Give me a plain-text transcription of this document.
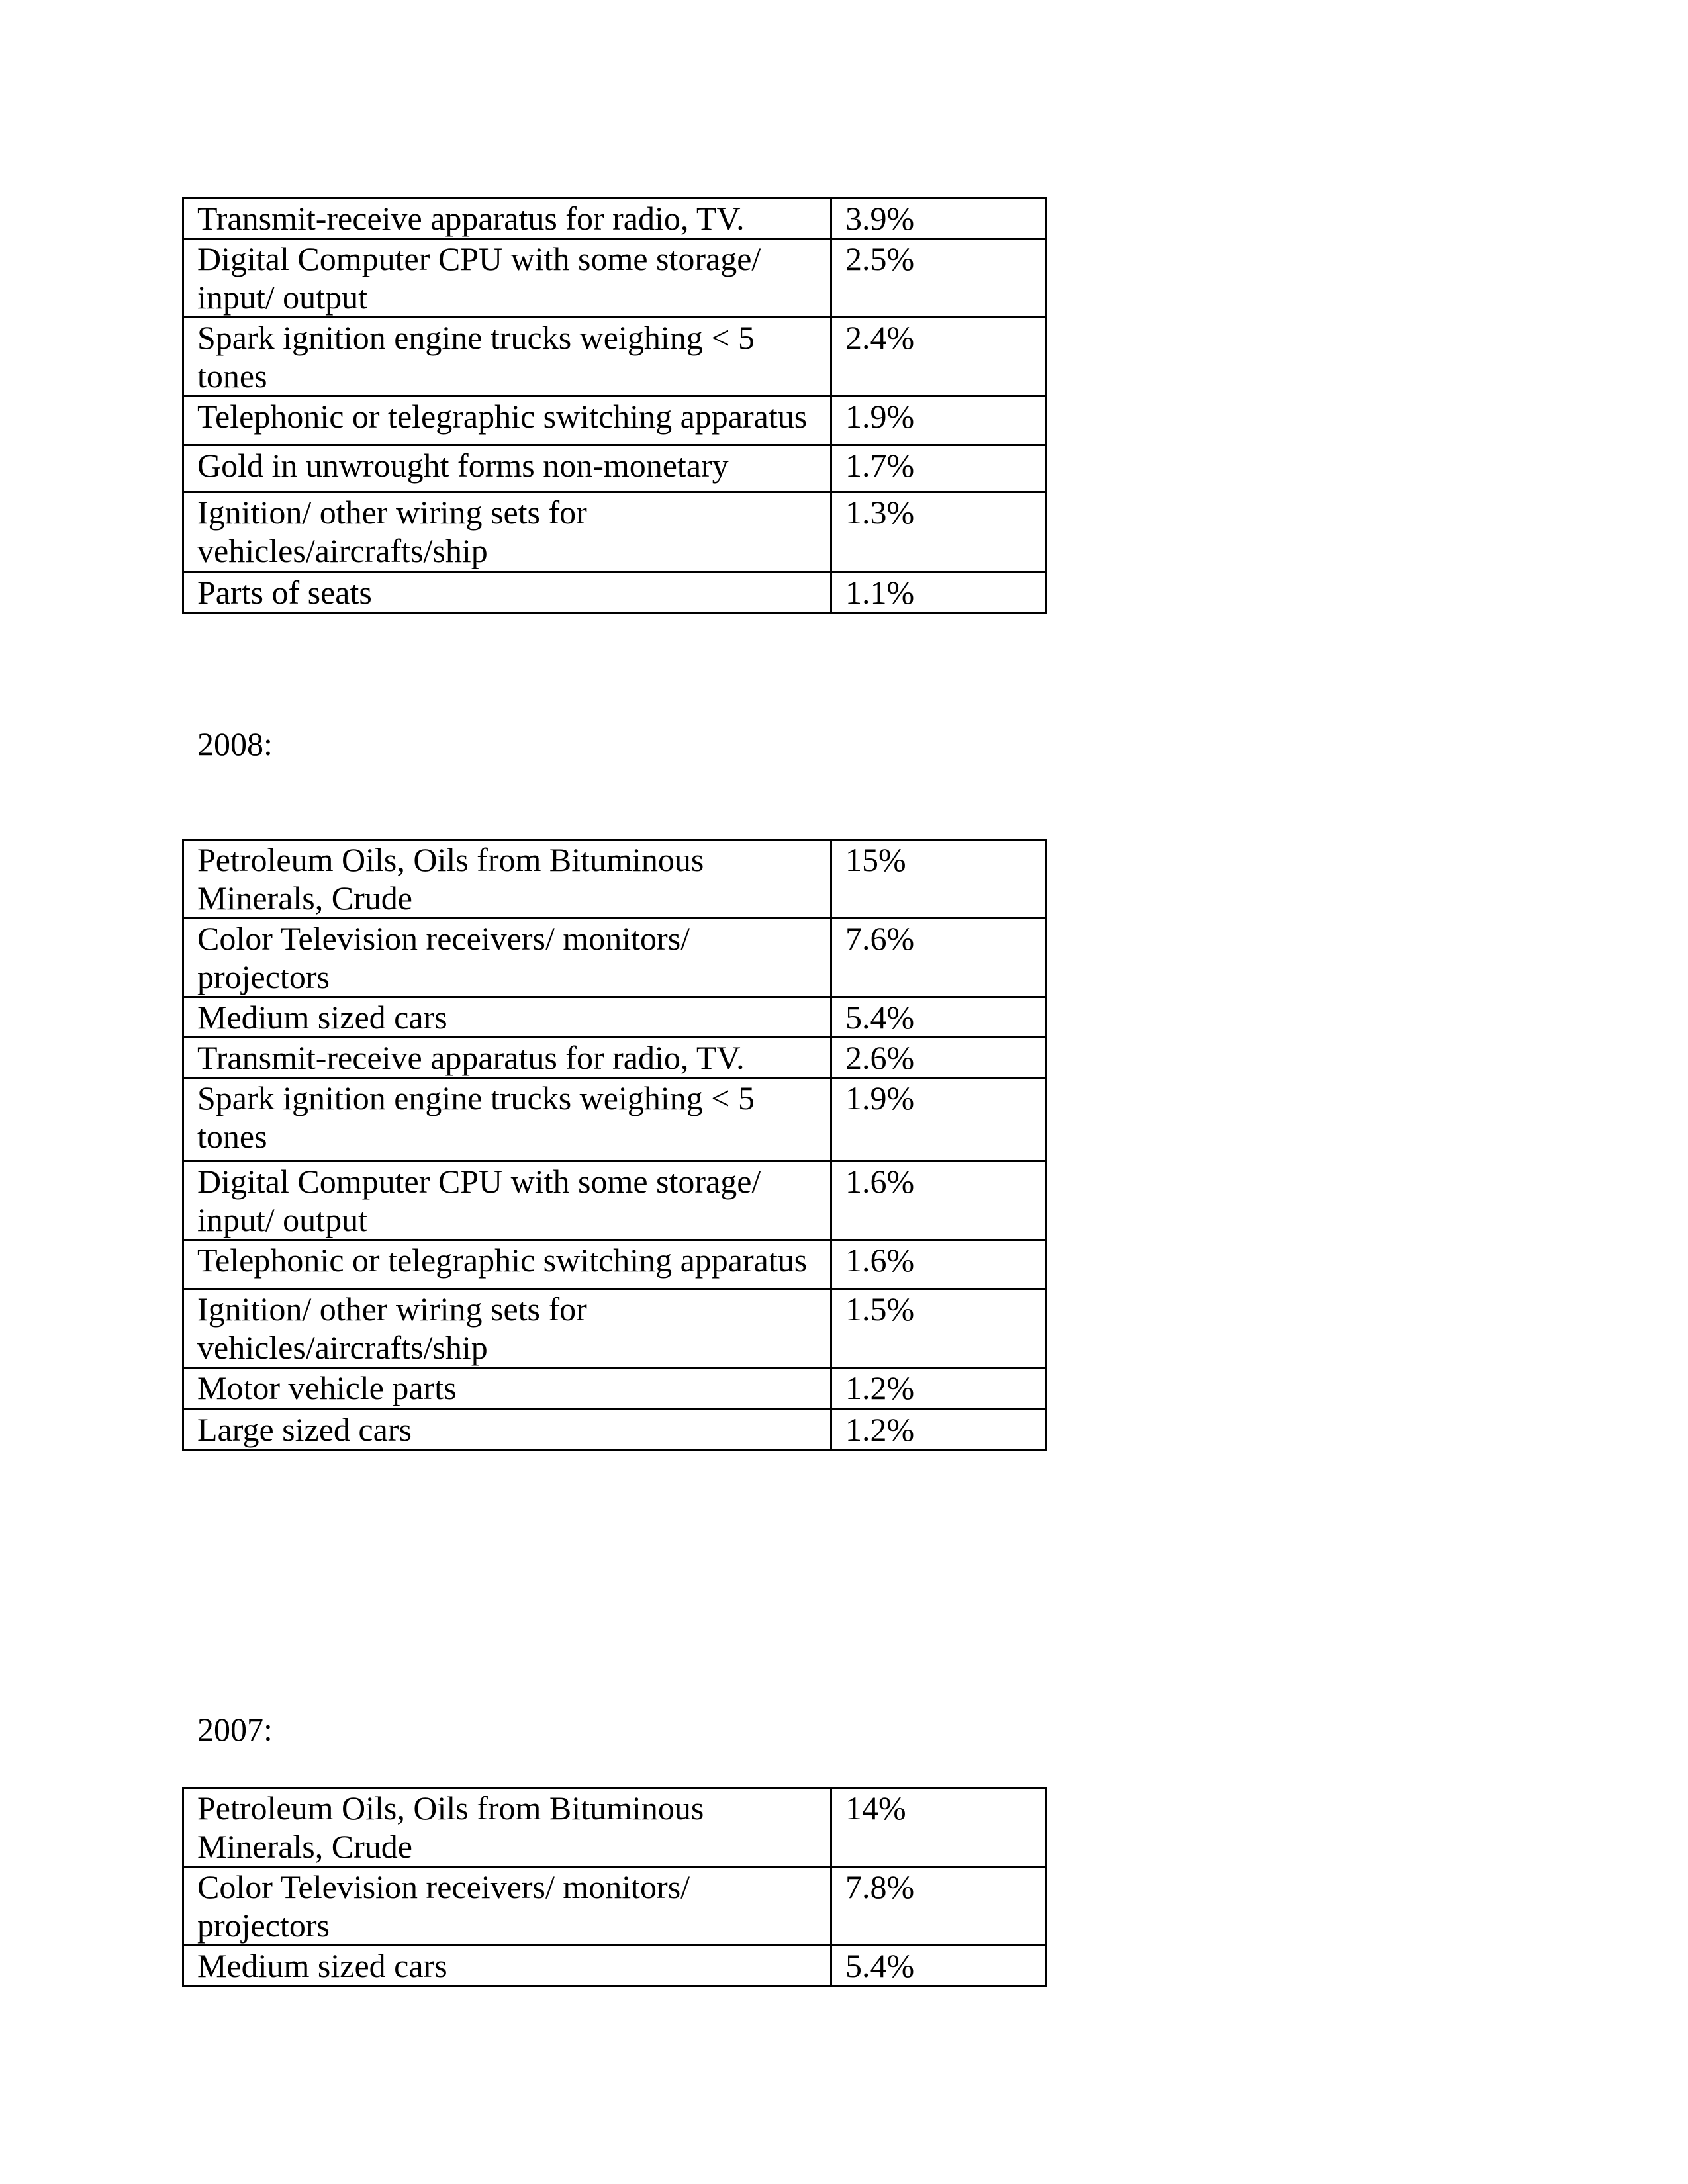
Transmit-receive apparatus for radio, TV.	3.9%
Digital Computer CPU with some storage/ input/ output	2.5%
Spark ignition engine trucks weighing < 5 tones	2.4%
Telephonic or telegraphic switching apparatus	1.9%
Gold in unwrought forms non-monetary	1.7%
Ignition/ other wiring sets for vehicles/aircrafts/ship	1.3%
Parts of seats	1.1%
2008:
Petroleum Oils, Oils from Bituminous Minerals, Crude	15%
Color Television receivers/ monitors/ projectors	7.6%
Medium sized cars	5.4%
Transmit-receive apparatus for radio, TV.	2.6%
Spark ignition engine trucks weighing < 5 tones	1.9%
Digital Computer CPU with some storage/ input/ output	1.6%
Telephonic or telegraphic switching apparatus	1.6%
Ignition/ other wiring sets for vehicles/aircrafts/ship	1.5%
Motor vehicle parts	1.2%
Large sized cars	1.2%
2007:
Petroleum Oils, Oils from Bituminous Minerals, Crude	14%
Color Television receivers/ monitors/ projectors	7.8%
Medium sized cars	5.4%
